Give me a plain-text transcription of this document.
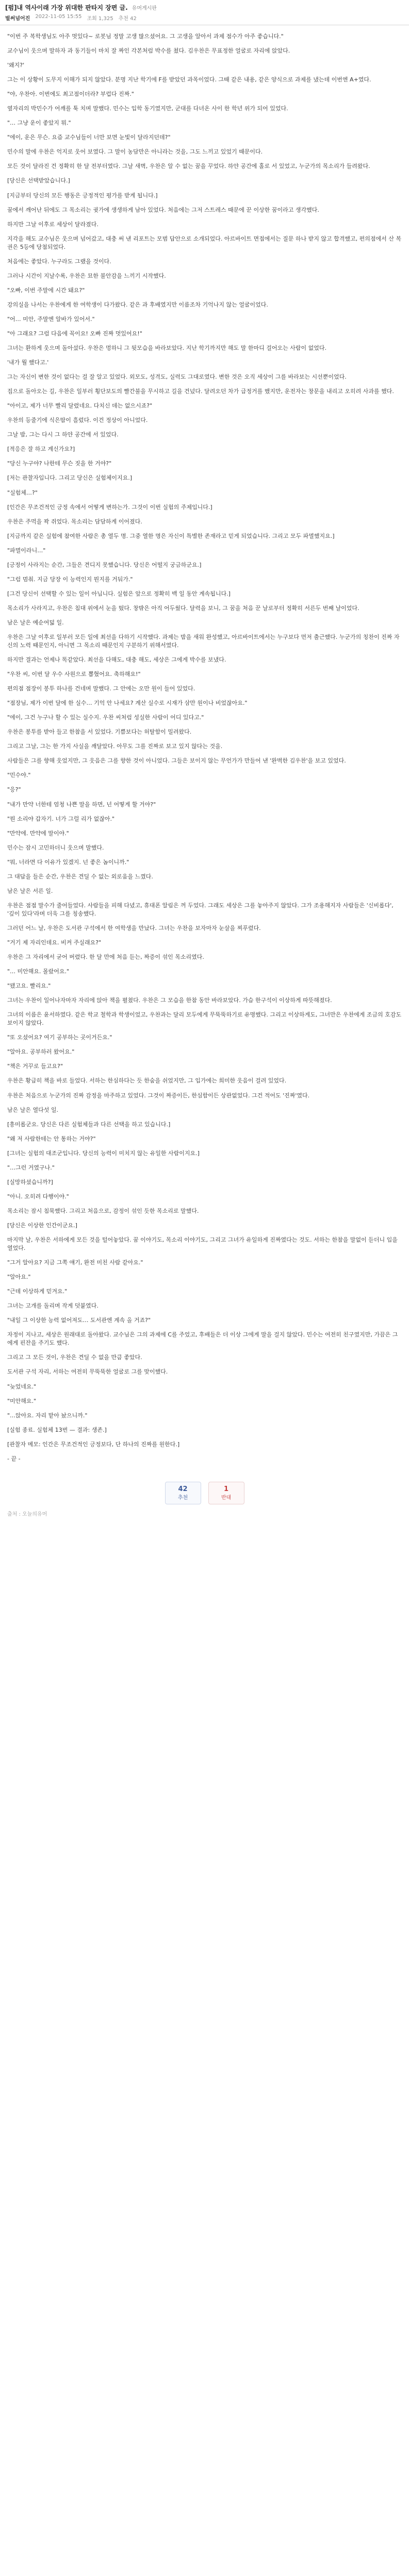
[펌]내 역사이래 가장 위대한 판타지 장편 글. 유머게시판
벌써넘어진 2022-11-05 15:55 조회 1,325 추천 42

"이번 주 복학생님도 아주 멋있다~ 로봇님 정말 고생 많으셨어요. 그 고생을 알아서 과제 점수가 아주 좋습니다."

교수님이 웃으며 말하자 과 동기들이 마치 잘 짜인 각본처럼 박수를 쳤다. 김우찬은 무표정한 얼굴로 자리에 앉았다.

'왜지?'

그는 이 상황이 도무지 이해가 되지 않았다. 분명 지난 학기에 F를 받았던 과목이었다. 그때 같은 내용, 같은 양식으로 과제를 냈는데 이번엔 A+였다.

"야, 우찬아. 이번에도 최고점이더라? 부럽다 진짜."

옆자리의 박민수가 어깨를 툭 치며 말했다. 민수는 입학 동기였지만, 군대를 다녀온 사이 한 학년 위가 되어 있었다.

"… 그냥 운이 좋았지 뭐."

"에이, 운은 무슨. 요즘 교수님들이 너만 보면 눈빛이 달라지던데?"

민수의 말에 우찬은 억지로 웃어 보였다. 그 말이 농담만은 아니라는 것을, 그도 느끼고 있었기 때문이다.

모든 것이 달라진 건 정확히 한 달 전부터였다. 그날 새벽, 우찬은 알 수 없는 꿈을 꾸었다. 하얀 공간에 홀로 서 있었고, 누군가의 목소리가 들려왔다.

[당신은 선택받았습니다.]

[지금부터 당신의 모든 행동은 긍정적인 평가를 받게 됩니다.]

꿈에서 깨어난 뒤에도 그 목소리는 귓가에 생생하게 남아 있었다. 처음에는 그저 스트레스 때문에 꾼 이상한 꿈이라고 생각했다.

하지만 그날 이후로 세상이 달라졌다.

지각을 해도 교수님은 웃으며 넘어갔고, 대충 써 낸 리포트는 모범 답안으로 소개되었다. 아르바이트 면접에서는 질문 하나 받지 않고 합격했고, 편의점에서 산 복권은 5등에 당첨되었다.

처음에는 좋았다. 누구라도 그랬을 것이다.

그러나 시간이 지날수록, 우찬은 묘한 불안감을 느끼기 시작했다.

"오빠, 이번 주말에 시간 돼요?"

강의실을 나서는 우찬에게 한 여학생이 다가왔다. 같은 과 후배였지만 이름조차 기억나지 않는 얼굴이었다.

"어… 미안, 주말엔 알바가 있어서."

"아 그래요? 그럼 다음에 꼭이요! 오빠 진짜 멋있어요!"

그녀는 환하게 웃으며 돌아섰다. 우찬은 멍하니 그 뒷모습을 바라보았다. 지난 학기까지만 해도 말 한마디 걸어오는 사람이 없었다.

'내가 뭘 했다고.'

그는 자신이 변한 것이 없다는 걸 잘 알고 있었다. 외모도, 성격도, 실력도 그대로였다. 변한 것은 오직 세상이 그를 바라보는 시선뿐이었다.

집으로 돌아오는 길, 우찬은 일부러 횡단보도의 빨간불을 무시하고 길을 건넜다. 달려오던 차가 급정거를 했지만, 운전자는 창문을 내리고 오히려 사과를 했다.

"아이고, 제가 너무 빨리 달렸네요. 다치신 데는 없으시죠?"

우찬의 등줄기에 식은땀이 흘렀다. 이건 정상이 아니었다.

그날 밤, 그는 다시 그 하얀 공간에 서 있었다.

[적응은 잘 하고 계신가요?]

"당신 누구야? 나한테 무슨 짓을 한 거야?"

[저는 관찰자입니다. 그리고 당신은 실험체이지요.]

"실험체…?"

[인간은 무조건적인 긍정 속에서 어떻게 변하는가. 그것이 이번 실험의 주제입니다.]

우찬은 주먹을 꽉 쥐었다. 목소리는 담담하게 이어졌다.

[지금까지 같은 실험에 참여한 사람은 총 열두 명. 그중 열한 명은 자신이 특별한 존재라고 믿게 되었습니다. 그리고 모두 파멸했지요.]

"파멸이라니…"

[긍정이 사라지는 순간, 그들은 견디지 못했습니다. 당신은 어떨지 궁금하군요.]

"그럼 멈춰. 지금 당장 이 능력인지 뭔지를 거둬가."

[그건 당신이 선택할 수 있는 일이 아닙니다. 실험은 앞으로 정확히 백 일 동안 계속됩니다.]

목소리가 사라지고, 우찬은 침대 위에서 눈을 떴다. 창밖은 아직 어두웠다. 달력을 보니, 그 꿈을 처음 꾼 날로부터 정확히 서른두 번째 날이었다.

남은 날은 예순여덟 일.

우찬은 그날 이후로 일부러 모든 일에 최선을 다하기 시작했다. 과제는 밤을 새워 완성했고, 아르바이트에서는 누구보다 먼저 출근했다. 누군가의 칭찬이 진짜 자신의 노력 때문인지, 아니면 그 목소리 때문인지 구분하기 위해서였다.

하지만 결과는 언제나 똑같았다. 최선을 다해도, 대충 해도, 세상은 그에게 박수를 보냈다.

"우찬 씨, 이번 달 우수 사원으로 뽑혔어요. 축하해요!"

편의점 점장이 봉투 하나를 건네며 말했다. 그 안에는 오만 원이 들어 있었다.

"점장님, 제가 이번 달에 한 실수… 기억 안 나세요? 계산 실수로 시재가 삼만 원이나 비었잖아요."

"에이, 그건 누구나 할 수 있는 실수지. 우찬 씨처럼 성실한 사람이 어디 있다고."

우찬은 봉투를 받아 들고 한참을 서 있었다. 기쁨보다는 허탈함이 밀려왔다.

그리고 그날, 그는 한 가지 사실을 깨달았다. 아무도 그를 진짜로 보고 있지 않다는 것을.

사람들은 그를 향해 웃었지만, 그 웃음은 그를 향한 것이 아니었다. 그들은 보이지 않는 무언가가 만들어 낸 '완벽한 김우찬'을 보고 있었다.

"민수야."

"응?"

"내가 만약 너한테 엄청 나쁜 말을 하면, 넌 어떻게 할 거야?"

"뭔 소리야 갑자기. 너가 그럴 리가 없잖아."

"만약에. 만약에 말이야."

민수는 잠시 고민하더니 웃으며 말했다.

"뭐, 너라면 다 이유가 있겠지. 넌 좋은 놈이니까."

그 대답을 들은 순간, 우찬은 견딜 수 없는 외로움을 느꼈다.

남은 날은 서른 일.

우찬은 점점 말수가 줄어들었다. 사람들을 피해 다녔고, 휴대폰 알림은 꺼 두었다. 그래도 세상은 그를 놓아주지 않았다. 그가 조용해지자 사람들은 '신비롭다', '깊이 있다'라며 더욱 그를 칭송했다.

그러던 어느 날, 우찬은 도서관 구석에서 한 여학생을 만났다. 그녀는 우찬을 보자마자 눈살을 찌푸렸다.

"거기 제 자리인데요. 비켜 주실래요?"

우찬은 그 자리에서 굳어 버렸다. 한 달 만에 처음 듣는, 짜증이 섞인 목소리였다.

"… 미안해요. 몰랐어요."

"됐고요. 빨리요."

그녀는 우찬이 일어나자마자 자리에 앉아 책을 펼쳤다. 우찬은 그 모습을 한참 동안 바라보았다. 가슴 한구석이 이상하게 따뜻해졌다.

그녀의 이름은 윤서하였다. 같은 학교 철학과 학생이었고, 우찬과는 달리 모두에게 무뚝뚝하기로 유명했다. 그리고 이상하게도, 그녀만은 우찬에게 조금의 호감도 보이지 않았다.

"또 오셨어요? 여기 공부하는 곳이거든요."

"알아요. 공부하러 왔어요."

"책은 거꾸로 들고요?"

우찬은 황급히 책을 바로 들었다. 서하는 한심하다는 듯 한숨을 쉬었지만, 그 입가에는 희미한 웃음이 걸려 있었다.

우찬은 처음으로 누군가의 진짜 감정을 마주하고 있었다. 그것이 짜증이든, 한심함이든 상관없었다. 그건 적어도 '진짜'였다.

남은 날은 열다섯 일.

[흥미롭군요. 당신은 다른 실험체들과 다른 선택을 하고 있습니다.]

"왜 저 사람한테는 안 통하는 거야?"

[그녀는 실험의 대조군입니다. 당신의 능력이 미치지 않는 유일한 사람이지요.]

"…그런 거였구나."

[실망하셨습니까?]

"아니. 오히려 다행이야."

목소리는 잠시 침묵했다. 그리고 처음으로, 감정이 섞인 듯한 목소리로 말했다.

[당신은 이상한 인간이군요.]

마지막 날, 우찬은 서하에게 모든 것을 털어놓았다. 꿈 이야기도, 목소리 이야기도, 그리고 그녀가 유일하게 진짜였다는 것도. 서하는 한참을 말없이 듣더니 입을 열었다.

"그거 알아요? 지금 그쪽 얘기, 완전 미친 사람 같아요."

"알아요."

"근데 이상하게 믿겨요."

그녀는 고개를 돌리며 작게 덧붙였다.

"내일 그 이상한 능력 없어져도… 도서관엔 계속 올 거죠?"

자정이 지나고, 세상은 원래대로 돌아왔다. 교수님은 그의 과제에 C를 주었고, 후배들은 더 이상 그에게 말을 걸지 않았다. 민수는 여전히 친구였지만, 가끔은 그에게 핀잔을 주기도 했다.

그리고 그 모든 것이, 우찬은 견딜 수 없을 만큼 좋았다.

도서관 구석 자리, 서하는 여전히 무뚝뚝한 얼굴로 그를 맞이했다.

"늦었네요."

"미안해요."

"…앉아요. 자리 맡아 놨으니까."

[실험 종료. 실험체 13번 — 결과: 생존.]

[관찰자 메모: 인간은 무조건적인 긍정보다, 단 하나의 진짜를 원한다.]

- 끝 -

42
추천
1
반대
출처 : 오늘의유머
